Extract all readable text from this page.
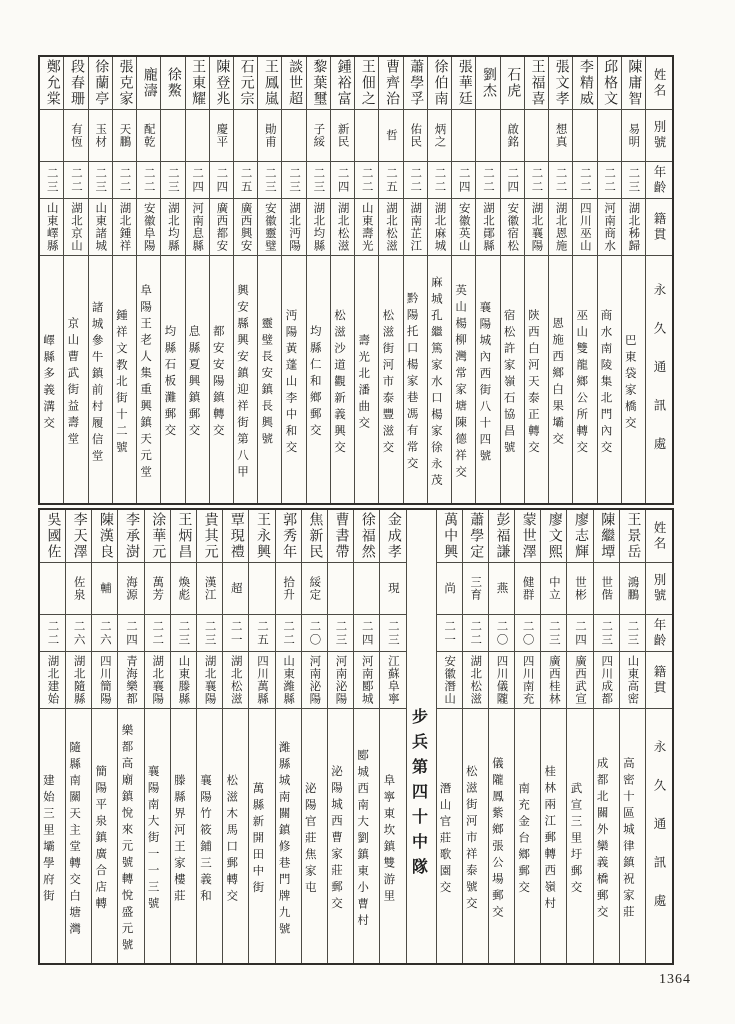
姓名
別號
年齡
籍貫
永久通訊處
陳庸智
易明
二三
湖北秭歸
巴東袋家橋交
邱格文
二二
河南商水
商水南陵集北門內交
李精威
二二
四川巫山
巫山雙龍鄉公所轉交
張文孝
想真
二二
湖北恩施
恩施西鄉白果壩交
王福喜
二二
湖北襄陽
陝西白河天泰正轉交
石虎
啟銘
二四
安徽宿松
宿松許家嶺石協昌號
劉杰
二二
湖北鄖縣
襄陽城內西街八十四號
張華廷
二四
安徽英山
英山楊柳灣常家塘陳德祥交
徐伯南
炳之
二二
湖北麻城
麻城孔繼篤家水口楊家徐永茂
蕭學孚
佑民
二二
湖南芷江
黔陽托口楊家巷馮有常交
曹齊治
哲
二五
湖北松滋
松滋街河市泰豐滋交
王佃之
二二
山東壽光
壽光北潘曲交
鍾裕富
新民
二四
湖北松滋
松滋沙道觀新義興交
黎葉璽
子綏
二三
湖北均縣
均縣仁和鄉郵交
談世超
二三
湖北沔陽
沔陽黃蓬山李中和交
王鳳嵐
勛甫
二三
安徽靈璧
靈璧長安鎮長興號
石元宗
二五
廣西興安
興安縣興安鎮迎祥街第八甲
陳登兆
慶平
二四
廣西都安
都安安陽鎮轉交
王東耀
二四
河南息縣
息縣夏興鎮郵交
徐鰲
二三
湖北均縣
均縣石板灘郵交
龐濤
配乾
二二
安徽阜陽
阜陽王老人集重興鎮天元堂
張克家
天鵬
二二
湖北鍾祥
鍾祥文教北街十二號
徐蘭亭
玉材
二三
山東諸城
諸城參牛鎮前村履信堂
段春珊
有恆
二二
湖北京山
京山曹武街益壽堂
鄭允棠
二三
山東嶧縣
嶧縣多義溝交
姓名
別號
年齡
籍貫
永久通訊處
王景岳
鴻鵬
二三
山東高密
高密十區城律鎮祝家莊
陳繼墰
世偕
二三
四川成都
成都北關外欒義橋郵交
廖志輝
世彬
二四
廣西武宣
武宣三里圩郵交
廖文熙
中立
二三
廣西桂林
桂林兩江郵轉西嶺村
蒙世澤
健群
二〇
四川南充
南充金台鄉郵交
彭福謙
燕
二〇
四川儀隴
儀隴鳳紫鄉張公場郵交
蕭學定
三育
二二
湖北松滋
松滋街河市祥泰號交
萬中興
尚
二一
安徽潛山
潛山官莊歌園交
步兵第四十中隊
金成孝
現
二三
江蘇阜寧
阜寧東坎鎮雙游里
徐福然
二四
河南郾城
郾城西南大劉鎮東小曹村
曹書帶
二三
河南泌陽
泌陽城西曹家莊郵交
焦新民
綏定
二〇
河南泌陽
泌陽官莊焦家屯
郭秀年
拾升
二二
山東濰縣
濰縣城南關鎮修巷門牌九號
王永興
二五
四川萬縣
萬縣新開田中街
覃現禮
超
二一
湖北松滋
松滋木馬口郵轉交
貴其元
漢江
二三
湖北襄陽
襄陽竹筱鋪三義和
王炳昌
煥彪
二三
山東滕縣
滕縣界河王家樓莊
涂華元
萬芳
二二
湖北襄陽
襄陽南大街一一三號
李承澍
海源
二四
青海樂都
樂都高廟鎮悅來元號轉悅盛元號
陳漢良
輔
二六
四川簡陽
簡陽平泉鎮廣合店轉
李天澤
佐泉
二六
湖北隨縣
隨縣南關天主堂轉交白塘灣
吳國佐
二二
湖北建始
建始三里壩學府街
1364
